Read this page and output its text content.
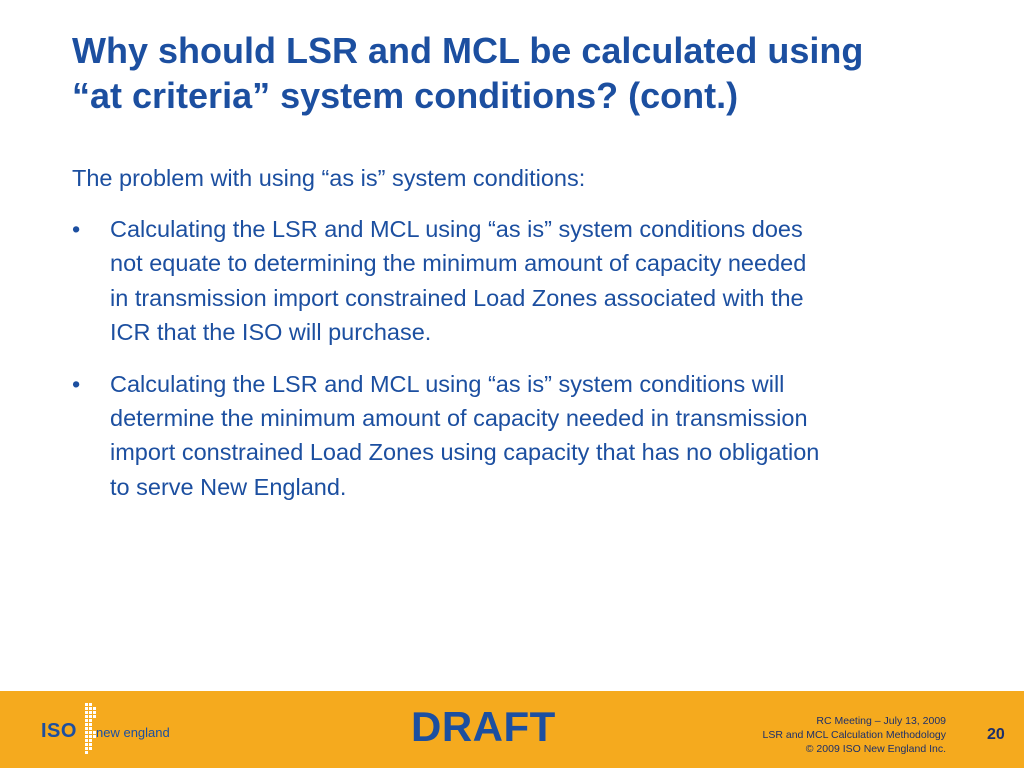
Why should LSR and MCL be calculated using
“at criteria” system conditions? (cont.)

The problem with using “as is” system conditions:

•	Calculating the LSR and MCL using “as is” system conditions does
not equate to determining the minimum amount of capacity needed
in transmission import constrained Load Zones associated with the
ICR that the ISO will purchase.
•	Calculating the LSR and MCL using “as is” system conditions will
determine the minimum amount of capacity needed in transmission
import constrained Load Zones using capacity that has no obligation
to serve New England.
ISO new england	DRAFT	RC Meeting – July 13, 2009
LSR and MCL Calculation Methodology
© 2009 ISO New England Inc.
20
